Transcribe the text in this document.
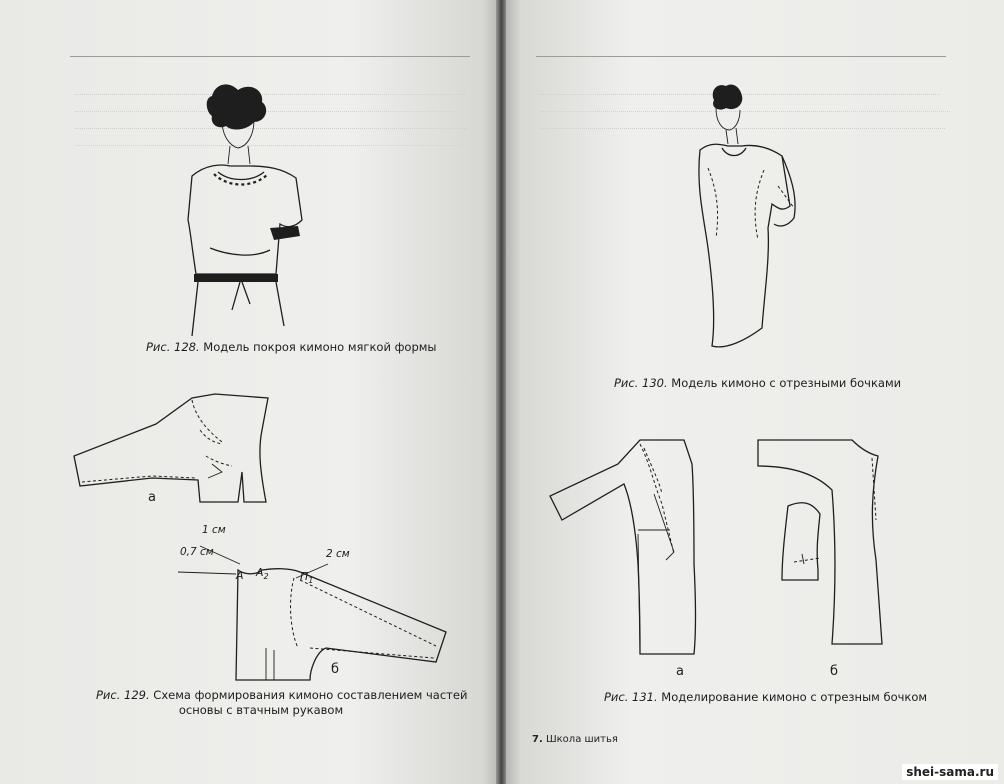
Рис. 128. Модель покроя кимоно мягкой формы
а
1 см
0,7 см	2 см
А $А_2$	$П_1$
б
Рис. 129. Схема формирования кимоно составлением частей
основы с втачным рукавом
Рис. 130. Модель кимоно с отрезными бочками
а	б
Рис. 131. Моделирование кимоно с отрезным бочком
7. Школа шитья
shei-sama.ru
